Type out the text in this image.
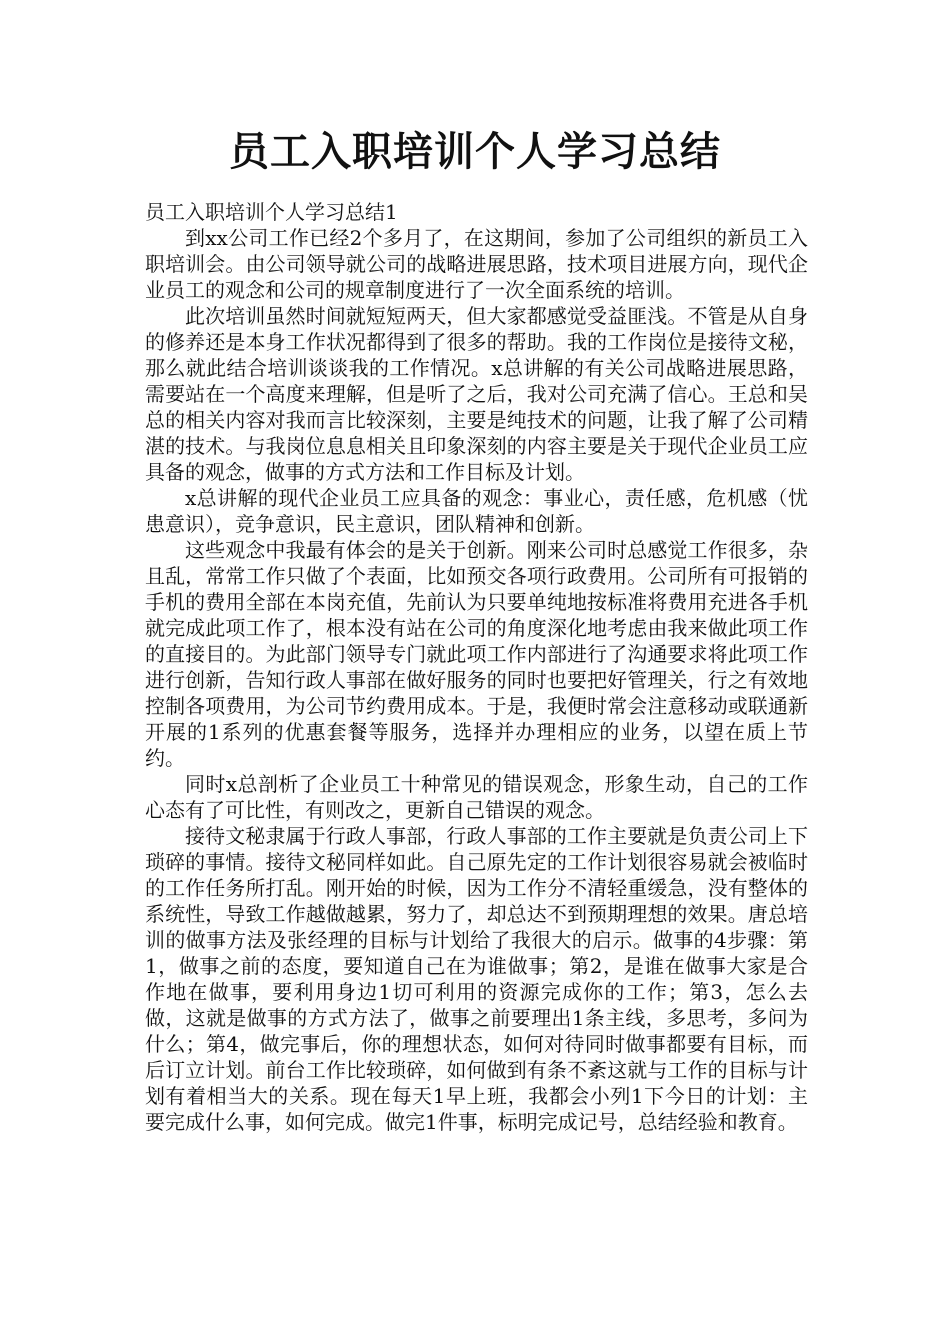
员工入职培训个人学习总结

员工入职培训个人学习总结1

到xx公司工作已经2个多月了，在这期间，参加了公司组织的新员工入职培训会。由公司领导就公司的战略进展思路，技术项目进展方向，现代企业员工的观念和公司的规章制度进行了一次全面系统的培训。

此次培训虽然时间就短短两天，但大家都感觉受益匪浅。不管是从自身的修养还是本身工作状况都得到了很多的帮助。我的工作岗位是接待文秘，那么就此结合培训谈谈我的工作情况。x总讲解的有关公司战略进展思路，需要站在一个高度来理解，但是听了之后，我对公司充满了信心。王总和吴总的相关内容对我而言比较深刻，主要是纯技术的问题，让我了解了公司精湛的技术。与我岗位息息相关且印象深刻的内容主要是关于现代企业员工应具备的观念，做事的方式方法和工作目标及计划。

x总讲解的现代企业员工应具备的观念：事业心，责任感，危机感（忧患意识），竞争意识，民主意识，团队精神和创新。

这些观念中我最有体会的是关于创新。刚来公司时总感觉工作很多，杂且乱，常常工作只做了个表面，比如预交各项行政费用。公司所有可报销的手机的费用全部在本岗充值，先前认为只要单纯地按标准将费用充进各手机就完成此项工作了，根本没有站在公司的角度深化地考虑由我来做此项工作的直接目的。为此部门领导专门就此项工作内部进行了沟通要求将此项工作进行创新，告知行政人事部在做好服务的同时也要把好管理关，行之有效地控制各项费用，为公司节约费用成本。于是，我便时常会注意移动或联通新开展的1系列的优惠套餐等服务，选择并办理相应的业务，以望在质上节约。

同时x总剖析了企业员工十种常见的错误观念，形象生动，自己的工作心态有了可比性，有则改之，更新自己错误的观念。

接待文秘隶属于行政人事部，行政人事部的工作主要就是负责公司上下琐碎的事情。接待文秘同样如此。自己原先定的工作计划很容易就会被临时的工作任务所打乱。刚开始的时候，因为工作分不清轻重缓急，没有整体的系统性，导致工作越做越累，努力了，却总达不到预期理想的效果。唐总培训的做事方法及张经理的目标与计划给了我很大的启示。做事的4步骤：第1，做事之前的态度，要知道自己在为谁做事；第2，是谁在做事大家是合作地在做事，要利用身边1切可利用的资源完成你的工作；第3，怎么去做，这就是做事的方式方法了，做事之前要理出1条主线，多思考，多问为什么；第4，做完事后，你的理想状态，如何对待同时做事都要有目标，而后订立计划。前台工作比较琐碎，如何做到有条不紊这就与工作的目标与计划有着相当大的关系。现在每天1早上班，我都会小列1下今日的计划：主要完成什么事，如何完成。做完1件事，标明完成记号，总结经验和教育。
